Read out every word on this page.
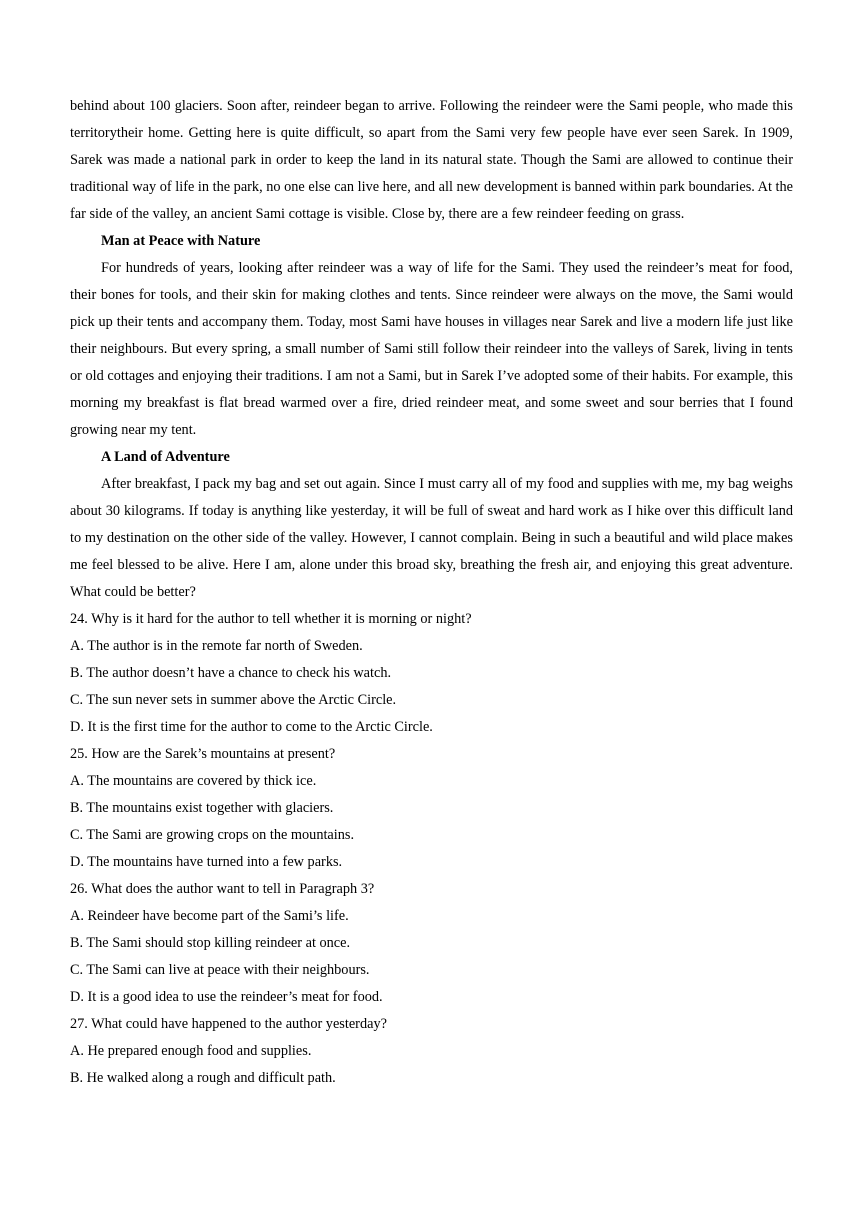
behind about 100 glaciers. Soon after, reindeer began to arrive. Following the reindeer were the Sami people, who made this territorytheir home. Getting here is quite difficult, so apart from the Sami very few people have ever seen Sarek. In 1909, Sarek was made a national park in order to keep the land in its natural state. Though the Sami are allowed to continue their traditional way of life in the park, no one else can live here, and all new development is banned within park boundaries. At the far side of the valley, an ancient Sami cottage is visible. Close by, there are a few reindeer feeding on grass.

Man at Peace with Nature

For hundreds of years, looking after reindeer was a way of life for the Sami. They used the reindeer’s meat for food, their bones for tools, and their skin for making clothes and tents. Since reindeer were always on the move, the Sami would pick up their tents and accompany them. Today, most Sami have houses in villages near Sarek and live a modern life just like their neighbours. But every spring, a small number of Sami still follow their reindeer into the valleys of Sarek, living in tents or old cottages and enjoying their traditions. I am not a Sami, but in Sarek I’ve adopted some of their habits. For example, this morning my breakfast is flat bread warmed over a fire, dried reindeer meat, and some sweet and sour berries that I found growing near my tent.

A Land of Adventure

After breakfast, I pack my bag and set out again. Since I must carry all of my food and supplies with me, my bag weighs about 30 kilograms. If today is anything like yesterday, it will be full of sweat and hard work as I hike over this difficult land to my destination on the other side of the valley. However, I cannot complain. Being in such a beautiful and wild place makes me feel blessed to be alive. Here I am, alone under this broad sky, breathing the fresh air, and enjoying this great adventure. What could be better?

24. Why is it hard for the author to tell whether it is morning or night?

A. The author is in the remote far north of Sweden.

B. The author doesn’t have a chance to check his watch.

C. The sun never sets in summer above the Arctic Circle.

D. It is the first time for the author to come to the Arctic Circle.

25. How are the Sarek’s mountains at present?

A. The mountains are covered by thick ice.

B. The mountains exist together with glaciers.

C. The Sami are growing crops on the mountains.

D. The mountains have turned into a few parks.

26. What does the author want to tell in Paragraph 3?

A. Reindeer have become part of the Sami’s life.

B. The Sami should stop killing reindeer at once.

C. The Sami can live at peace with their neighbours.

D. It is a good idea to use the reindeer’s meat for food.

27. What could have happened to the author yesterday?

A. He prepared enough food and supplies.

B. He walked along a rough and difficult path.
